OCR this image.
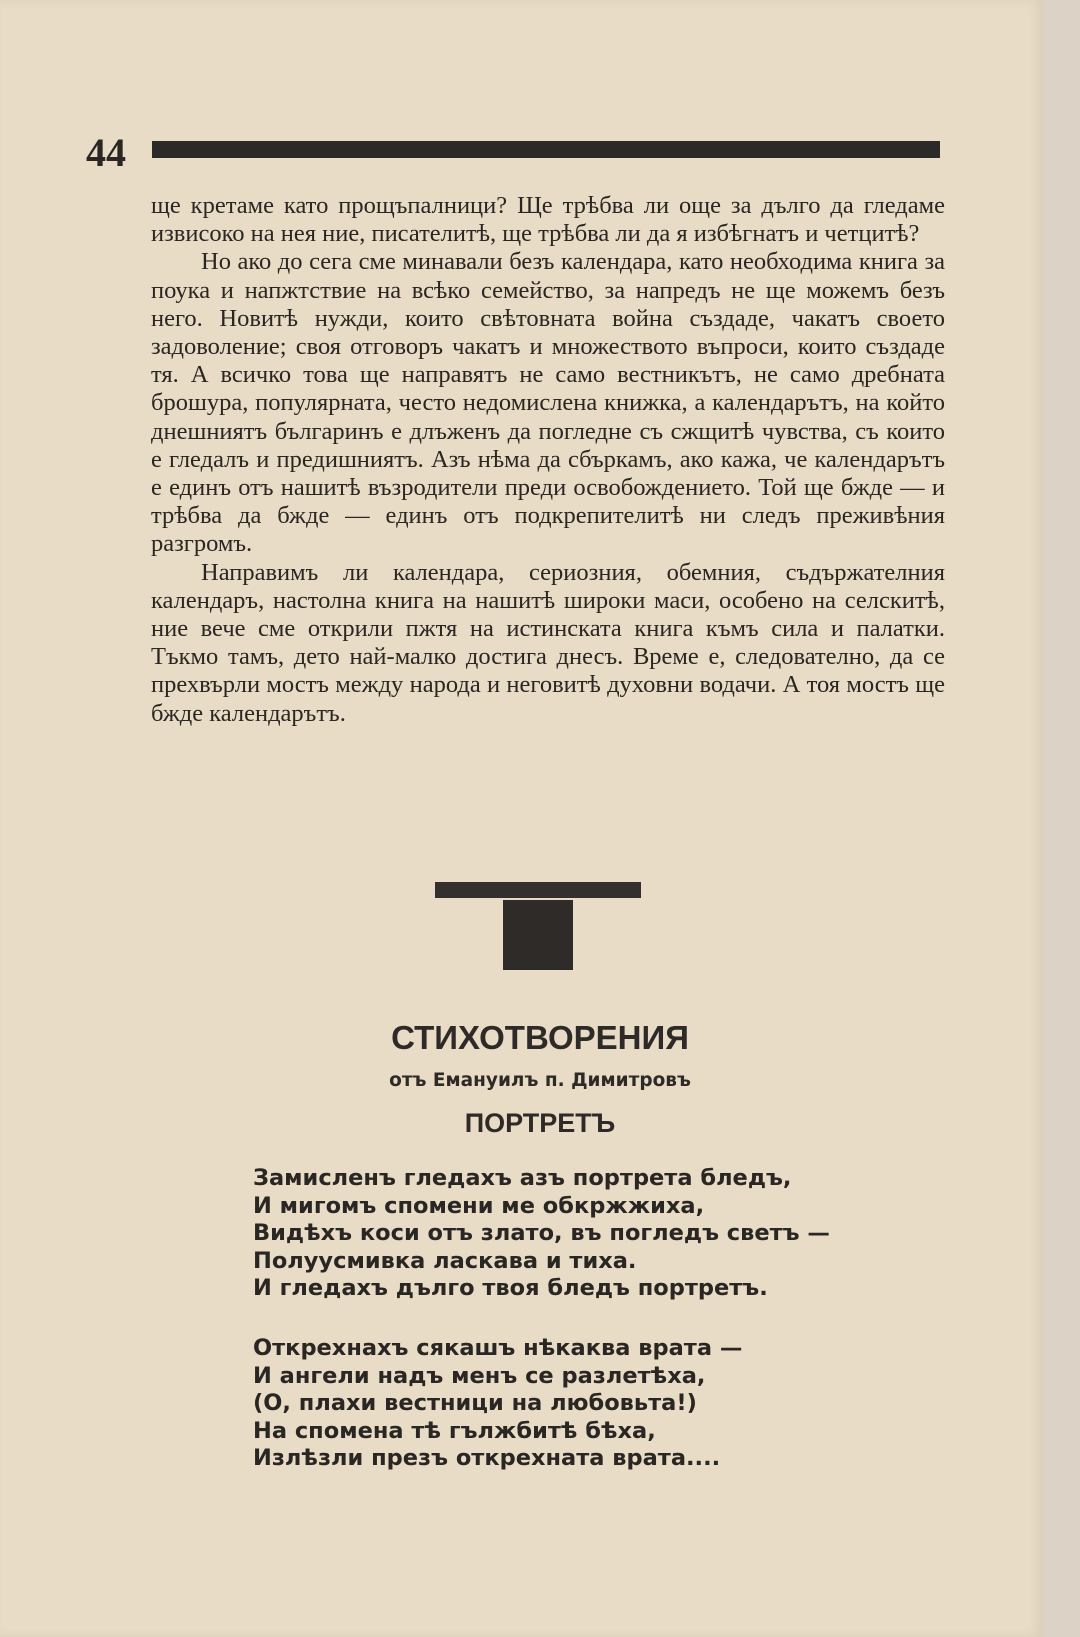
44

ще кретаме като прощъпалници? Ще трѣбва ли още за дълго да гледаме извисоко на нея ние, писателитѣ, ще трѣбва ли да я избѣгнатъ и четцитѣ?

Но ако до сега сме минавали безъ календара, като необходима книга за поука и напжтствие на всѣко семейство, за напредъ не ще можемъ безъ него. Новитѣ нужди, които свѣтовната война създаде, чакатъ своето задоволение; своя отговоръ чакатъ и множеството въпроси, които създаде тя. А всичко това ще направятъ не само вестникътъ, не само дребната брошура, популярната, често недомислена книжка, а календарътъ, на който днешниятъ българинъ е длъженъ да погледне съ сжщитѣ чувства, съ които е гледалъ и предишниятъ. Азъ нѣма да сбъркамъ, ако кажа, че календарътъ е единъ отъ нашитѣ възродители преди освобождението. Той ще бжде — и трѣбва да бжде — единъ отъ подкрепителитѣ ни следъ преживѣния разгромъ.

Направимъ ли календара, сериозния, обемния, съдържателния календаръ, настолна книга на нашитѣ широки маси, особено на селскитѣ, ние вече сме открили пжтя на истинската книга къмъ сила и палатки. Тъкмо тамъ, дето най-малко достига днесъ. Време е, следователно, да се прехвърли мостъ между народа и неговитѣ духовни водачи. А тоя мостъ ще бжде календарътъ.

СТИХОТВОРЕНИЯ
отъ Емануилъ п. Димитровъ
ПОРТРЕТЪ
Замисленъ гледахъ азъ портрета бледъ,
И мигомъ спомени ме обкржжиха,
Видѣхъ коси отъ злато, въ погледъ светъ —
Полуусмивка ласкава и тиха.
И гледахъ дълго твоя бледъ портретъ.
Открехнахъ сякашъ нѣкаква врата —
И ангели надъ менъ се разлетѣха,
(О, плахи вестници на любовьта!)
На спомена тѣ гължбитѣ бѣха,
Излѣзли презъ открехната врата....
